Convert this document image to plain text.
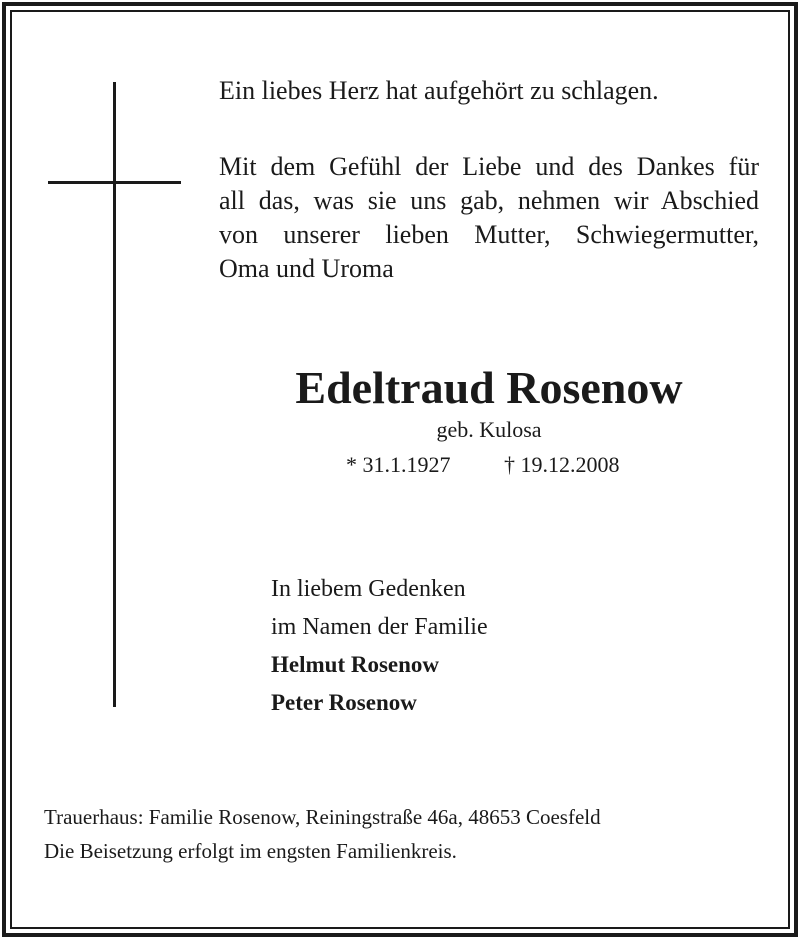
Ein liebes Herz hat aufgehört zu schlagen.

Mit dem Gefühl der Liebe und des Dankes für
all das, was sie uns gab, nehmen wir Abschied
von unserer lieben Mutter, Schwiegermutter,
Oma und Uroma

Edeltraud Rosenow

geb. Kulosa

* 31.1.1927 † 19.12.2008
In liebem Gedenken
im Namen der Familie
Helmut Rosenow
Peter Rosenow
Trauerhaus: Familie Rosenow, Reiningstraße 46a, 48653 Coesfeld
Die Beisetzung erfolgt im engsten Familienkreis.
